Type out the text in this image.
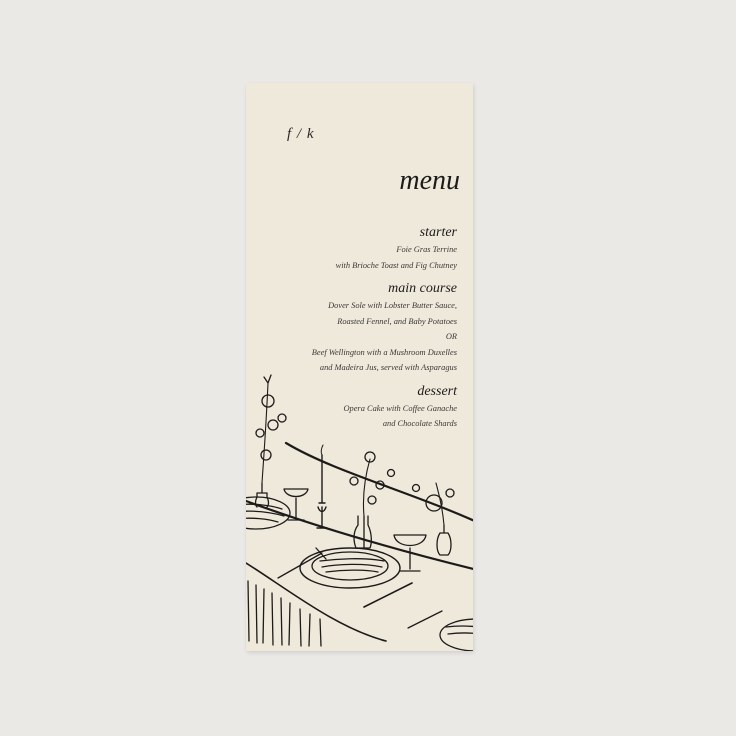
f / k
menu
starter
Foie Gras Terrine
with Brioche Toast and Fig Chutney
main course
Dover Sole with Lobster Butter Sauce,
Roasted Fennel, and Baby Potatoes
OR
Beef Wellington with a Mushroom Duxelles
and Madeira Jus, served with Asparagus
dessert
Opera Cake with Coffee Ganache
and Chocolate Shards
